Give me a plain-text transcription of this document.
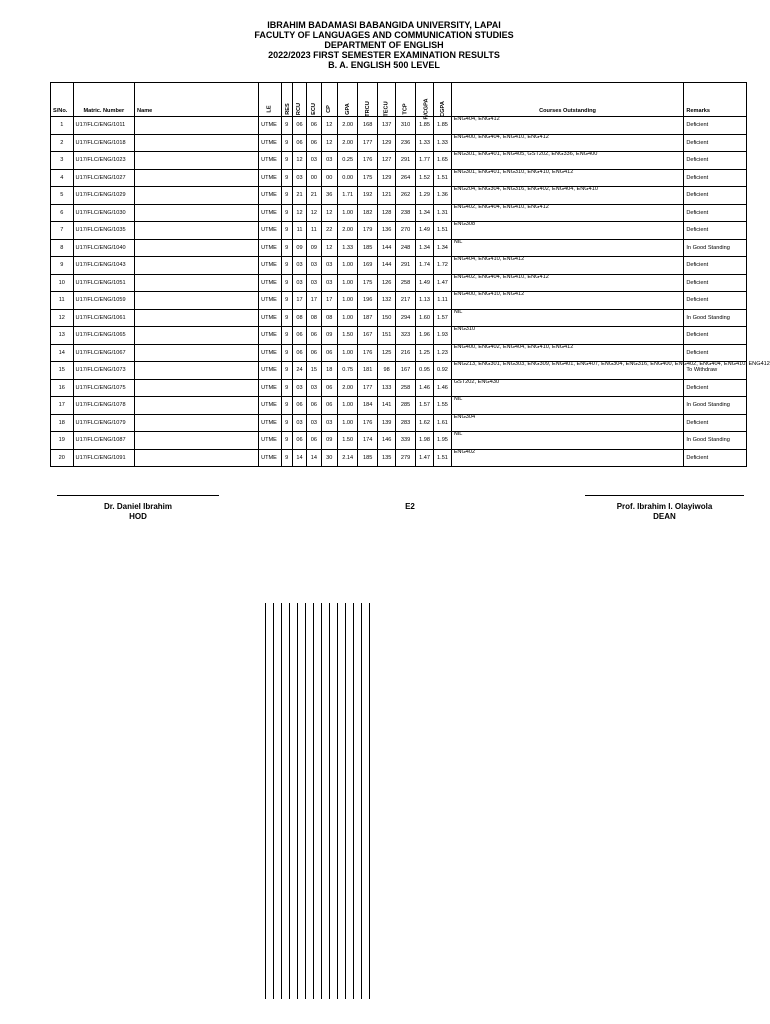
IBRAHIM BADAMASI BABANGIDA UNIVERSITY, LAPAI
FACULTY OF LANGUAGES AND COMMUNICATION STUDIES
DEPARTMENT OF ENGLISH
2022/2023 FIRST SEMESTER EXAMINATION RESULTS
B. A. ENGLISH 500 LEVEL
S/No.	Matric. Number	Name	LE	RES	RCU	ECU	CP	GPA	TRCU	TECU	TCP	P/CGPA	CGPA	Courses Outstanding	Remarks
1	U17/FLC/ENG/1011		UTME	9	06	06	12	2.00	168	137	310	1.85	1.85	ENG404, ENG412	Deficient
2	U17/FLC/ENG/1018		UTME	9	06	06	12	2.00	177	129	236	1.33	1.33	ENG400, ENG404, ENG410, ENG412	Deficient
3	U17/FLC/ENG/1023		UTME	9	12	03	03	0.25	176	127	291	1.77	1.65	ENG301, ENG401, ENG405, GST202, ENG336, ENG400	Deficient
4	U17/FLC/ENG/1027		UTME	9	03	00	00	0.00	175	129	264	1.52	1.51	ENG301, ENG401, ENG310, ENG410, ENG412	Deficient
5	U17/FLC/ENG/1029		UTME	9	21	21	36	1.71	192	121	262	1.29	1.36	ENG204, ENG304, ENG316, ENG402, ENG404, ENG410	Deficient
6	U17/FLC/ENG/1030		UTME	9	12	12	12	1.00	182	128	238	1.34	1.31	ENG402, ENG404, ENG410, ENG412	Deficient
7	U17/FLC/ENG/1035		UTME	9	11	11	22	2.00	179	136	270	1.49	1.51	ENG308	Deficient
8	U17/FLC/ENG/1040		UTME	9	09	09	12	1.33	185	144	248	1.34	1.34	NIL	In Good Standing
9	U17/FLC/ENG/1043		UTME	9	03	03	03	1.00	169	144	291	1.74	1.72	ENG404, ENG410, ENG412	Deficient
10	U17/FLC/ENG/1051		UTME	9	03	03	03	1.00	175	126	258	1.49	1.47	ENG402, ENG404, ENG410, ENG412	Deficient
11	U17/FLC/ENG/1059		UTME	9	17	17	17	1.00	196	132	217	1.13	1.11	ENG400, ENG410, ENG412	Deficient
12	U17/FLC/ENG/1061		UTME	9	08	08	08	1.00	187	150	294	1.60	1.57	NIL	In Good Standing
13	U17/FLC/ENG/1065		UTME	9	06	06	09	1.50	167	151	323	1.96	1.93	ENG310	Deficient
14	U17/FLC/ENG/1067		UTME	9	06	06	06	1.00	176	125	216	1.25	1.23	ENG400, ENG402, ENG404, ENG410, ENG412	Deficient
15	U17/FLC/ENG/1073		UTME	9	24	15	18	0.75	181	98	167	0.95	0.92	ENG213, ENG301, ENG303, ENG309, ENG401, ENG407, ENG304, ENG316, ENG400, ENG402, ENG404, ENG410, ENG412	To Withdraw
16	U17/FLC/ENG/1075		UTME	9	03	03	06	2.00	177	133	258	1.46	1.46	GST202, ENG430	Deficient
17	U17/FLC/ENG/1078		UTME	9	06	06	06	1.00	184	141	285	1.57	1.55	NIL	In Good Standing
18	U17/FLC/ENG/1079		UTME	9	03	03	03	1.00	176	139	283	1.62	1.61	ENG304	Deficient
19	U17/FLC/ENG/1087		UTME	9	06	06	09	1.50	174	146	339	1.98	1.95	NIL	In Good Standing
20	U17/FLC/ENG/1091		UTME	9	14	14	30	2.14	185	135	279	1.47	1.51	ENG402	Deficient
Dr. Daniel Ibrahim
HOD
E2	Prof. Ibrahim I. Olayiwola
DEAN
